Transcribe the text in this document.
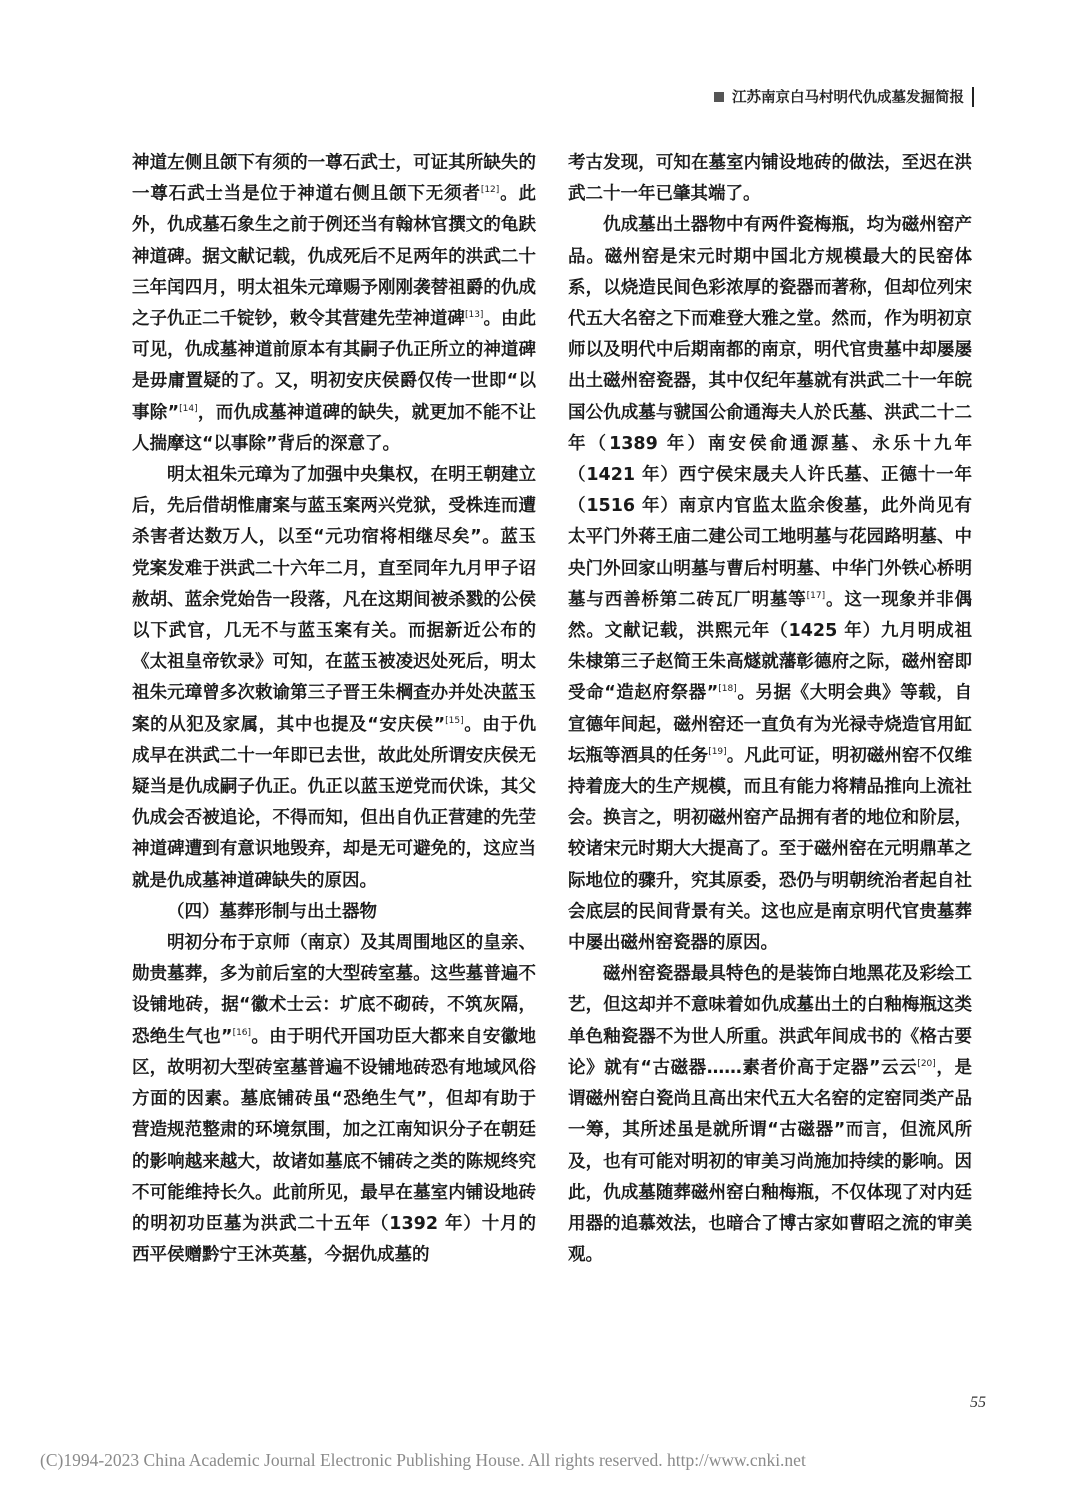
江苏南京白马村明代仇成墓发掘简报

神道左侧且颌下有须的一尊石武士，可证其所缺失的一尊石武士当是位于神道右侧且颌下无须者[12]。此外，仇成墓石象生之前于例还当有翰林官撰文的龟趺神道碑。据文献记载，仇成死后不足两年的洪武二十三年闰四月，明太祖朱元璋赐予刚刚袭替祖爵的仇成之子仇正二千锭钞，敕令其营建先茔神道碑[13]。由此可见，仇成墓神道前原本有其嗣子仇正所立的神道碑是毋庸置疑的了。又，明初安庆侯爵仅传一世即“以事除”[14]，而仇成墓神道碑的缺失，就更加不能不让人揣摩这“以事除”背后的深意了。

明太祖朱元璋为了加强中央集权，在明王朝建立后，先后借胡惟庸案与蓝玉案两兴党狱，受株连而遭杀害者达数万人，以至“元功宿将相继尽矣”。蓝玉党案发难于洪武二十六年二月，直至同年九月甲子诏赦胡、蓝余党始告一段落，凡在这期间被杀戮的公侯以下武官，几无不与蓝玉案有关。而据新近公布的《太祖皇帝钦录》可知，在蓝玉被凌迟处死后，明太祖朱元璋曾多次敕谕第三子晋王朱棡查办并处决蓝玉案的从犯及家属，其中也提及“安庆侯”[15]。由于仇成早在洪武二十一年即已去世，故此处所谓安庆侯无疑当是仇成嗣子仇正。仇正以蓝玉逆党而伏诛，其父仇成会否被追论，不得而知，但出自仇正营建的先茔神道碑遭到有意识地毁弃，却是无可避免的，这应当就是仇成墓神道碑缺失的原因。

（四）墓葬形制与出土器物

明初分布于京师（南京）及其周围地区的皇亲、勋贵墓葬，多为前后室的大型砖室墓。这些墓普遍不设铺地砖，据“徽术士云：圹底不砌砖，不筑灰隔，恐绝生气也”[16]。由于明代开国功臣大都来自安徽地区，故明初大型砖室墓普遍不设铺地砖恐有地域风俗方面的因素。墓底铺砖虽“恐绝生气”，但却有助于营造规范整肃的环境氛围，加之江南知识分子在朝廷的影响越来越大，故诸如墓底不铺砖之类的陈规终究不可能维持长久。此前所见，最早在墓室内铺设地砖的明初功臣墓为洪武二十五年（1392 年）十月的西平侯赠黔宁王沐英墓，今据仇成墓的

考古发现，可知在墓室内铺设地砖的做法，至迟在洪武二十一年已肇其端了。

仇成墓出土器物中有两件瓷梅瓶，均为磁州窑产品。磁州窑是宋元时期中国北方规模最大的民窑体系，以烧造民间色彩浓厚的瓷器而著称，但却位列宋代五大名窑之下而难登大雅之堂。然而，作为明初京师以及明代中后期南都的南京，明代官贵墓中却屡屡出土磁州窑瓷器，其中仅纪年墓就有洪武二十一年皖国公仇成墓与虢国公俞通海夫人於氏墓、洪武二十二年（1389 年）南安侯俞通源墓、永乐十九年（1421 年）西宁侯宋晟夫人许氏墓、正德十一年（1516 年）南京内官监太监余俊墓，此外尚见有太平门外蒋王庙二建公司工地明墓与花园路明墓、中央门外回家山明墓与曹后村明墓、中华门外铁心桥明墓与西善桥第二砖瓦厂明墓等[17]。这一现象并非偶然。文献记载，洪熙元年（1425 年）九月明成祖朱棣第三子赵简王朱高燧就藩彰德府之际，磁州窑即受命“造赵府祭器”[18]。另据《大明会典》等载，自宣德年间起，磁州窑还一直负有为光禄寺烧造官用缸坛瓶等酒具的任务[19]。凡此可证，明初磁州窑不仅维持着庞大的生产规模，而且有能力将精品推向上流社会。换言之，明初磁州窑产品拥有者的地位和阶层，较诸宋元时期大大提高了。至于磁州窑在元明鼎革之际地位的骤升，究其原委，恐仍与明朝统治者起自社会底层的民间背景有关。这也应是南京明代官贵墓葬中屡出磁州窑瓷器的原因。

磁州窑瓷器最具特色的是装饰白地黑花及彩绘工艺，但这却并不意味着如仇成墓出土的白釉梅瓶这类单色釉瓷器不为世人所重。洪武年间成书的《格古要论》就有“古磁器……素者价高于定器”云云[20]，是谓磁州窑白瓷尚且高出宋代五大名窑的定窑同类产品一筹，其所述虽是就所谓“古磁器”而言，但流风所及，也有可能对明初的审美习尚施加持续的影响。因此，仇成墓随葬磁州窑白釉梅瓶，不仅体现了对内廷用器的追慕效法，也暗合了博古家如曹昭之流的审美观。

55
(C)1994-2023 China Academic Journal Electronic Publishing House. All rights reserved. http://www.cnki.net
